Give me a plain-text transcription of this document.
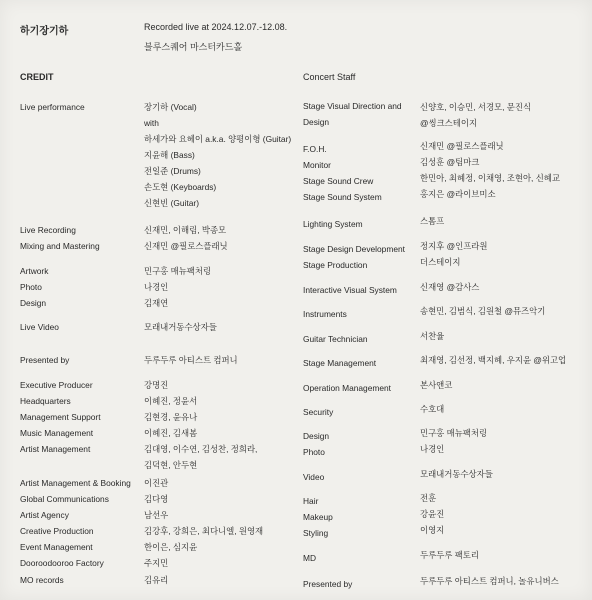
하기장기하	Recorded live at 2024.12.07.-12.08.
블루스퀘어 마스터카드홀
CREDIT	Concert Staff
Live performance	장기하 (Vocal)
with
하세가와 요헤이 a.k.a. 양평이형 (Guitar)
지윤해 (Bass)
전일준 (Drums)
손도현 (Keyboards)
신현빈 (Guitar)
Live Recording	신재민, 이해림, 박종모
Mixing and Mastering	신재민 @필로스플래닛
Artwork	민구홍 매뉴팩처링
Photo	나경인
Design	김재연
Live Video	모래내거동수상자들
Presented by	두루두루 아티스트 컴퍼니
Executive Producer	강명진
Headquarters	이혜진, 정윤서
Management Support	김현경, 윤유나
Music Management	이혜진, 김새봄
Artist Management	김대영, 이수연, 김성찬, 정희라,
김덕현, 안두현
Artist Management & Booking 이진관
Global Communications	김다영
Artist Agency	남선우
Creative Production	김강후, 강희은, 최다니엘, 원영재
Event Management	한이은, 심지윤
Dooroodooroo Factory	주지민
MO records	김유리
Stage Visual Direction and Design
신양호, 이승민, 서경모, 문진식
@씽크스테이지
F.O.H.	신재민 @필로스플래닛
Monitor	김성훈 @팀마크
Stage Sound Crew	한민아, 최혜정, 이채영, 조현아, 신혜교
Stage Sound System	홍지은 @라이브미소
Lighting System	스톰프
Stage Design Development	정지후 @인프라원
Stage Production	더스테이지
Interactive Visual System	신재영 @감사스
Instruments	송현민, 김범식, 김원철 @뮤즈악기
Guitar Technician	서찬율
Stage Management	최재영, 김선정, 백지혜, 우지윤 @위고업
Operation Management	본사앤코
Security	수호대
Design	민구홍 매뉴팩처링
Photo	나경인
Video	모래내거동수상자들
Hair	전훈
Makeup	강윤진
Styling	이영지
MD	두루두루 팩토리
Presented by	두루두루 아티스트 컴퍼니, 놀유니버스
